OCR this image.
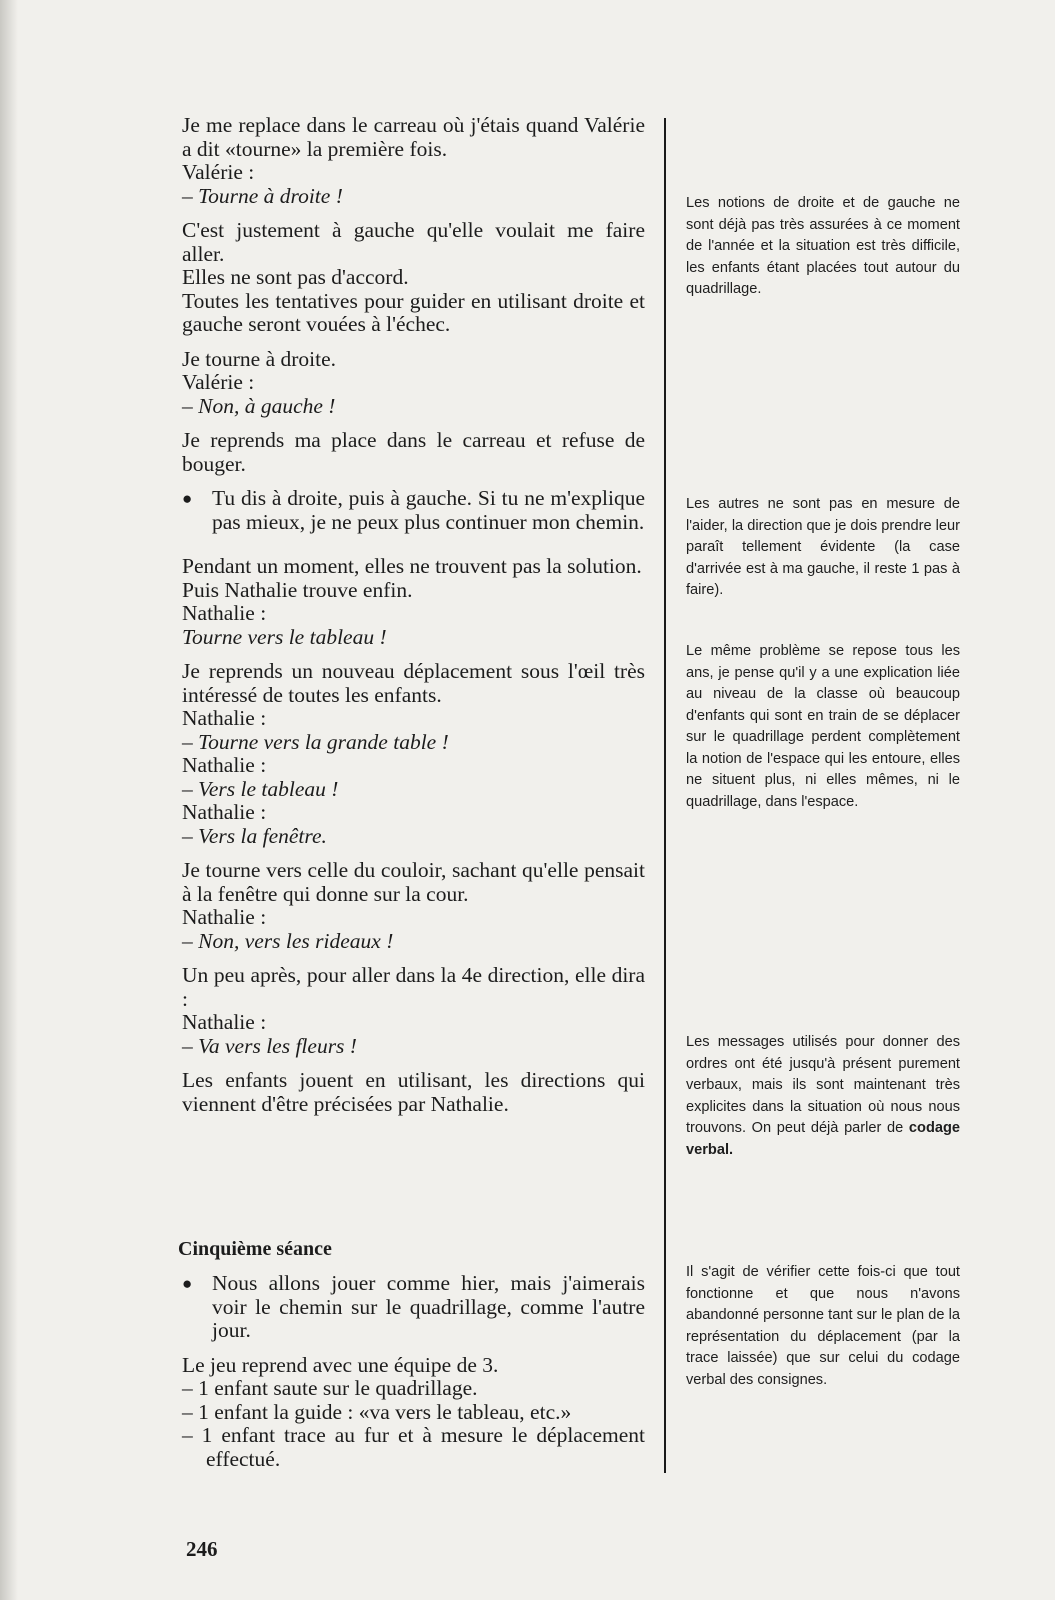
Je me replace dans le carreau où j'étais quand Valérie a dit «tourne» la première fois.

Valérie :

– Tourne à droite !

C'est justement à gauche qu'elle voulait me faire aller.

Elles ne sont pas d'accord.

Toutes les tentatives pour guider en utilisant droite et gauche seront vouées à l'échec.

Je tourne à droite.

Valérie :

– Non, à gauche !

Je reprends ma place dans le carreau et refuse de bouger.

● Tu dis à droite, puis à gauche. Si tu ne m'explique pas mieux, je ne peux plus continuer mon chemin.

Pendant un moment, elles ne trouvent pas la solution.

Puis Nathalie trouve enfin.

Nathalie :

Tourne vers le tableau !

Je reprends un nouveau déplacement sous l'œil très intéressé de toutes les enfants.

Nathalie :

– Tourne vers la grande table !

Nathalie :

– Vers le tableau !

Nathalie :

– Vers la fenêtre.

Je tourne vers celle du couloir, sachant qu'elle pensait à la fenêtre qui donne sur la cour.

Nathalie :

– Non, vers les rideaux !

Un peu après, pour aller dans la 4e direction, elle dira :

Nathalie :

– Va vers les fleurs !

Les enfants jouent en utilisant, les directions qui viennent d'être précisées par Nathalie.

Cinquième séance

● Nous allons jouer comme hier, mais j'aimerais voir le chemin sur le quadrillage, comme l'autre jour.

Le jeu reprend avec une équipe de 3.

– 1 enfant saute sur le quadrillage.

– 1 enfant la guide : «va vers le tableau, etc.»

– 1 enfant trace au fur et à mesure le déplacement effectué.

Les notions de droite et de gauche ne sont déjà pas très assurées à ce moment de l'année et la situation est très difficile, les enfants étant placées tout autour du quadrillage.
Les autres ne sont pas en mesure de l'aider, la direction que je dois prendre leur paraît tellement évidente (la case d'arrivée est à ma gauche, il reste 1 pas à faire).
Le même problème se repose tous les ans, je pense qu'il y a une explication liée au niveau de la classe où beaucoup d'enfants qui sont en train de se déplacer sur le quadrillage perdent complètement la notion de l'espace qui les entoure, elles ne situent plus, ni elles mêmes, ni le quadrillage, dans l'espace.
Les messages utilisés pour donner des ordres ont été jusqu'à présent purement verbaux, mais ils sont maintenant très explicites dans la situation où nous nous trouvons. On peut déjà parler de codage verbal.
Il s'agit de vérifier cette fois-ci que tout fonctionne et que nous n'avons abandonné personne tant sur le plan de la représentation du déplacement (par la trace laissée) que sur celui du codage verbal des consignes.
246
